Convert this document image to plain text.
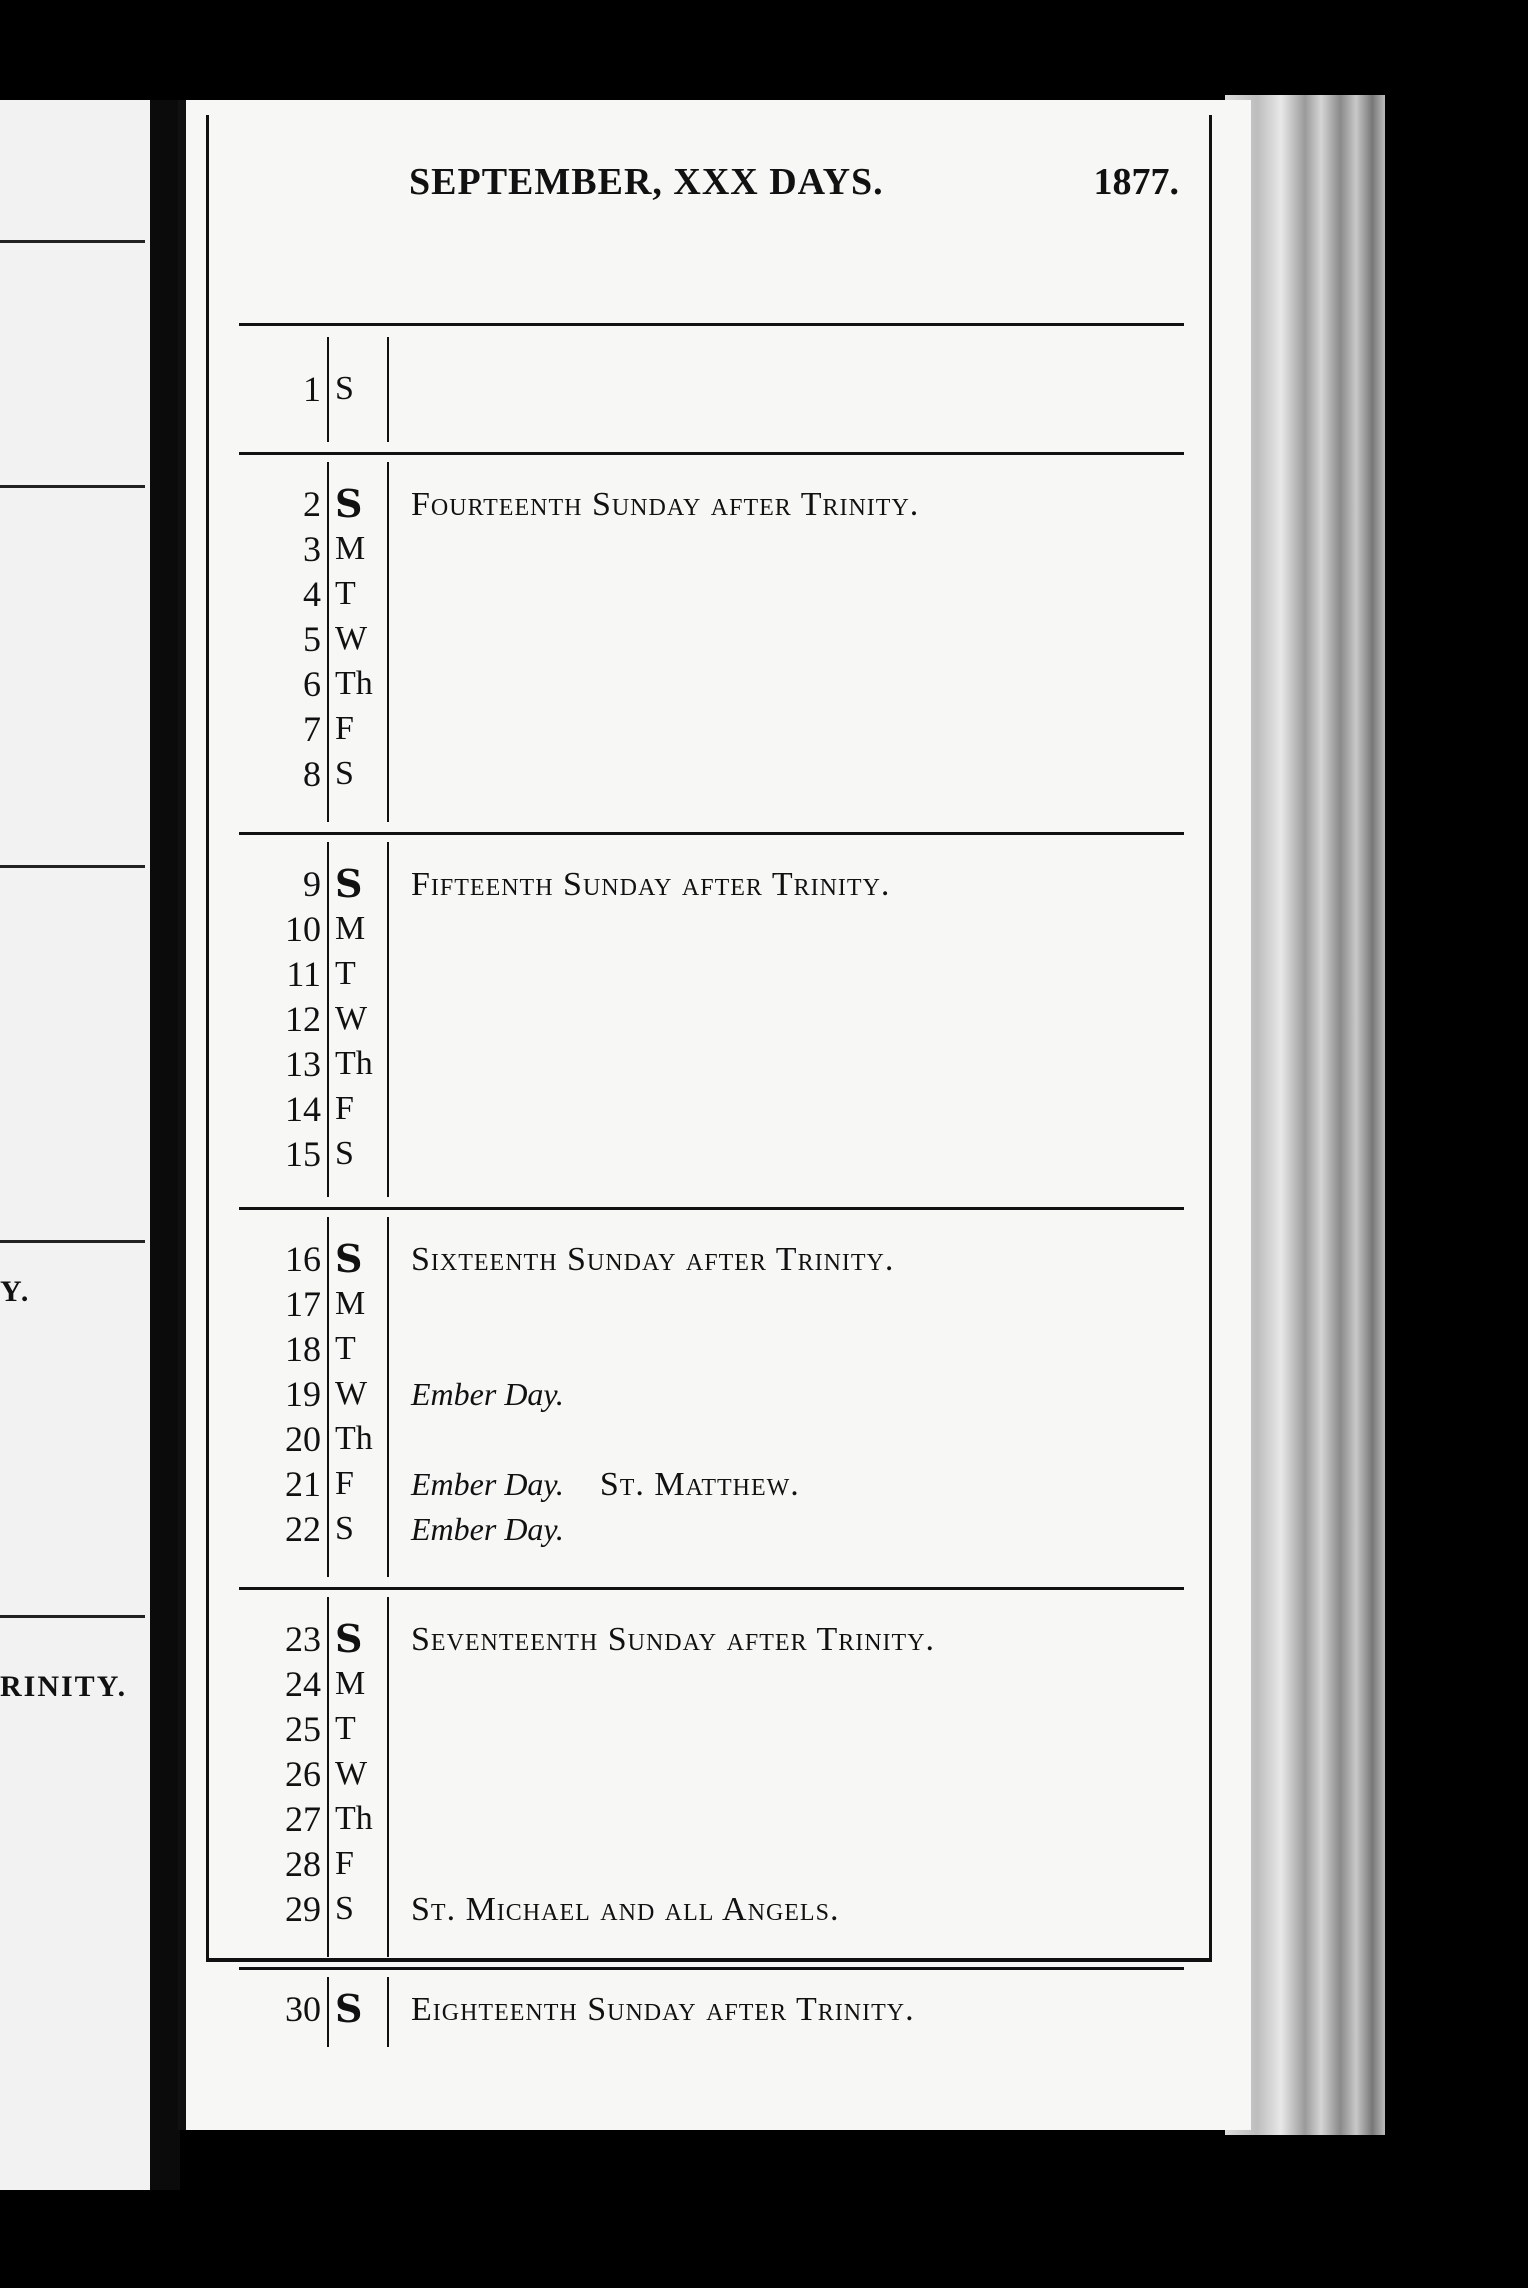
Y.
RINITY.
SEPTEMBER, XXX DAYS.	1877.
1 S
2 S	Fourteenth Sunday after Trinity.
3 M
4 T
5 W
6 Th
7 F
8 S
9 S	Fifteenth Sunday after Trinity.
10 M
11 T
12 W
13 Th
14 F
15 S
16 S	Sixteenth Sunday after Trinity.
17 M
18 T
19 W	Ember Day.
20 Th
21 F	Ember Day. St. Matthew.
22 S	Ember Day.
23 S	Seventeenth Sunday after Trinity.
24 M
25 T
26 W
27 Th
28 F
29 S	St. Michael and all Angels.
30 S	Eighteenth Sunday after Trinity.
